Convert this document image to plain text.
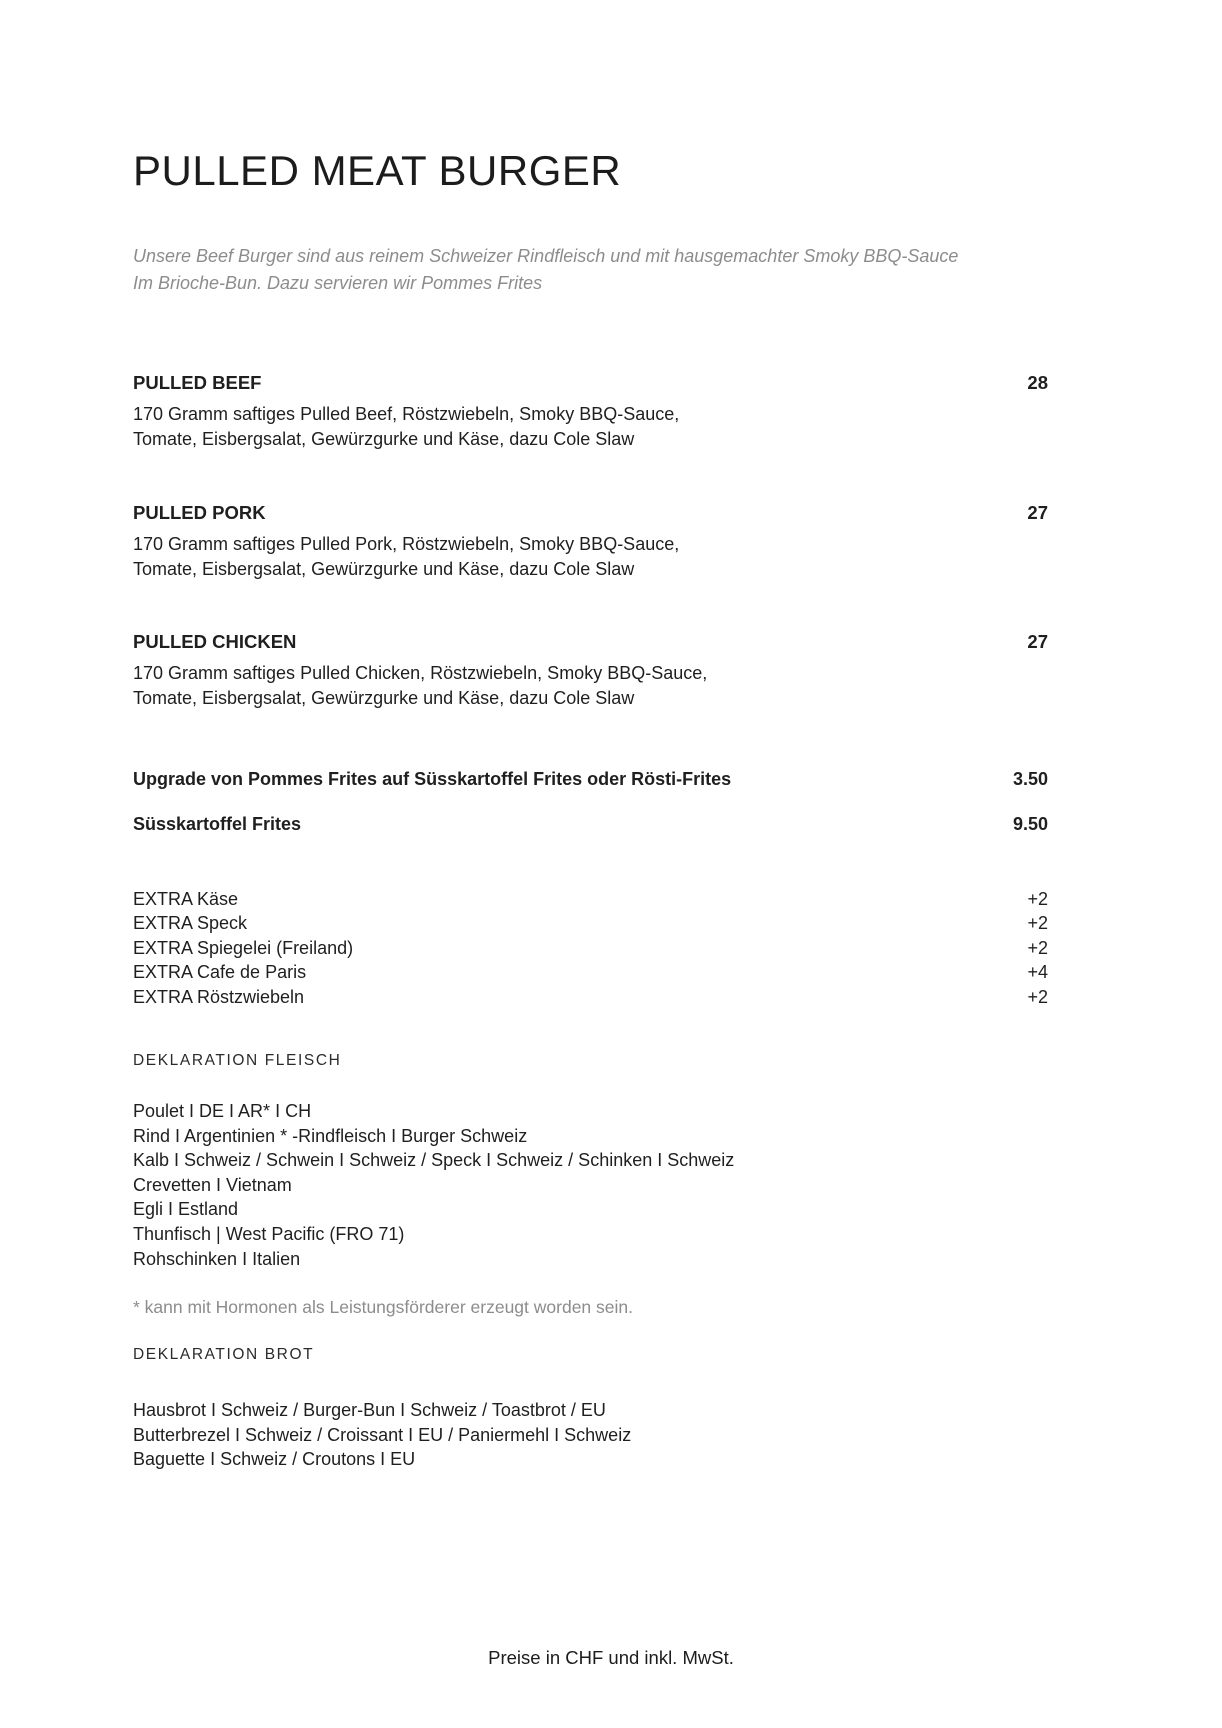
PULLED MEAT BURGER

Unsere Beef Burger sind aus reinem Schweizer Rindfleisch und mit hausgemachter Smoky BBQ-Sauce
Im Brioche-Bun. Dazu servieren wir Pommes Frites

PULLED BEEF	28
170 Gramm saftiges Pulled Beef, Röstzwiebeln, Smoky BBQ-Sauce,
Tomate, Eisbergsalat, Gewürzgurke und Käse, dazu Cole Slaw
PULLED PORK	27
170 Gramm saftiges Pulled Pork, Röstzwiebeln, Smoky BBQ-Sauce,
Tomate, Eisbergsalat, Gewürzgurke und Käse, dazu Cole Slaw
PULLED CHICKEN	27
170 Gramm saftiges Pulled Chicken, Röstzwiebeln, Smoky BBQ-Sauce,
Tomate, Eisbergsalat, Gewürzgurke und Käse, dazu Cole Slaw
Upgrade von Pommes Frites auf Süsskartoffel Frites oder Rösti-Frites	3.50
Süsskartoffel Frites	9.50
EXTRA Käse	+2
EXTRA Speck	+2
EXTRA Spiegelei (Freiland)	+2
EXTRA Cafe de Paris	+4
EXTRA Röstzwiebeln	+2
DEKLARATION FLEISCH
Poulet I DE I AR* I CH
Rind I Argentinien * -Rindfleisch I Burger Schweiz
Kalb I Schweiz / Schwein I Schweiz / Speck I Schweiz / Schinken I Schweiz
Crevetten I Vietnam
Egli I Estland
Thunfisch | West Pacific (FRO 71)
Rohschinken I Italien

* kann mit Hormonen als Leistungsförderer erzeugt worden sein.

DEKLARATION BROT
Hausbrot I Schweiz / Burger-Bun I Schweiz / Toastbrot / EU
Butterbrezel I Schweiz / Croissant I EU / Paniermehl I Schweiz
Baguette I Schweiz / Croutons I EU
Preise in CHF und inkl. MwSt.
